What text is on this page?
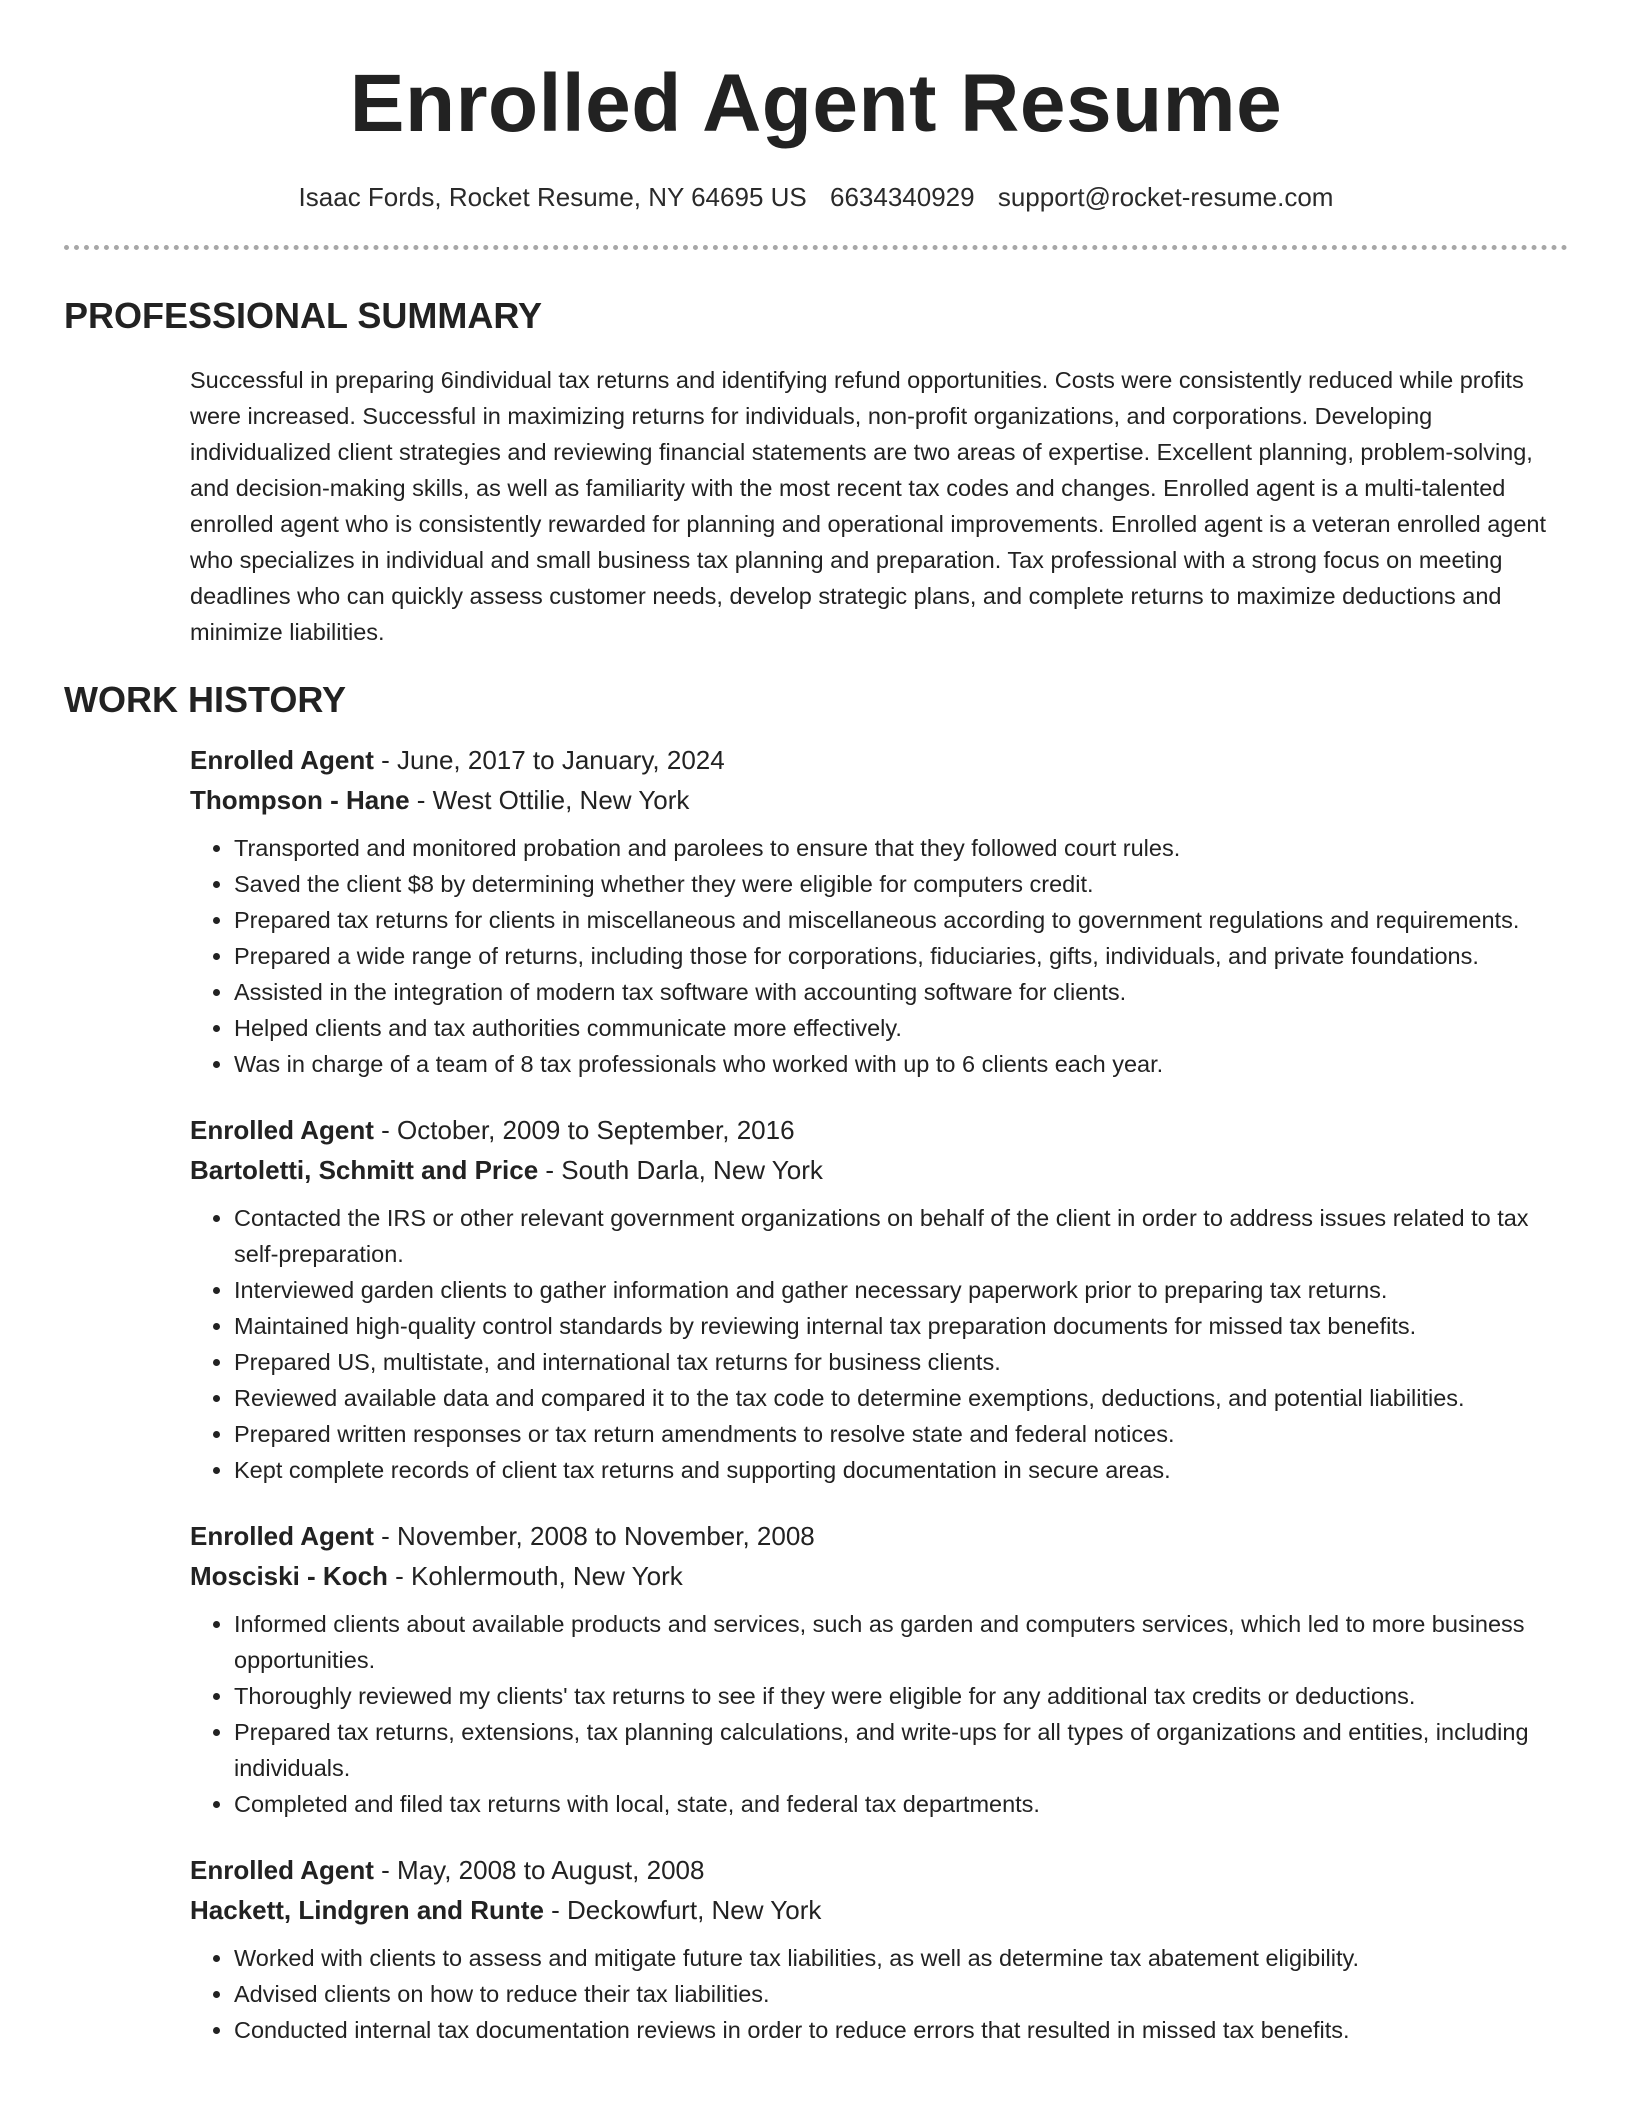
Enrolled Agent Resume
Isaac Fords, Rocket Resume, NY 64695 US 6634340929 support@rocket-resume.com
PROFESSIONAL SUMMARY
Successful in preparing 6individual tax returns and identifying refund opportunities. Costs were consistently reduced while profits were increased. Successful in maximizing returns for individuals, non-profit organizations, and corporations. Developing individualized client strategies and reviewing financial statements are two areas of expertise. Excellent planning, problem-solving, and decision-making skills, as well as familiarity with the most recent tax codes and changes. Enrolled agent is a multi-talented enrolled agent who is consistently rewarded for planning and operational improvements. Enrolled agent is a veteran enrolled agent who specializes in individual and small business tax planning and preparation. Tax professional with a strong focus on meeting deadlines who can quickly assess customer needs, develop strategic plans, and complete returns to maximize deductions and minimize liabilities.
WORK HISTORY
Enrolled Agent - June, 2017 to January, 2024
Thompson - Hane - West Ottilie, New York
• Transported and monitored probation and parolees to ensure that they followed court rules.
• Saved the client $8 by determining whether they were eligible for computers credit.
• Prepared tax returns for clients in miscellaneous and miscellaneous according to government regulations and requirements.
• Prepared a wide range of returns, including those for corporations, fiduciaries, gifts, individuals, and private foundations.
• Assisted in the integration of modern tax software with accounting software for clients.
• Helped clients and tax authorities communicate more effectively.
• Was in charge of a team of 8 tax professionals who worked with up to 6 clients each year.
Enrolled Agent - October, 2009 to September, 2016
Bartoletti, Schmitt and Price - South Darla, New York
• Contacted the IRS or other relevant government organizations on behalf of the client in order to address issues related to tax self-preparation.
• Interviewed garden clients to gather information and gather necessary paperwork prior to preparing tax returns.
• Maintained high-quality control standards by reviewing internal tax preparation documents for missed tax benefits.
• Prepared US, multistate, and international tax returns for business clients.
• Reviewed available data and compared it to the tax code to determine exemptions, deductions, and potential liabilities.
• Prepared written responses or tax return amendments to resolve state and federal notices.
• Kept complete records of client tax returns and supporting documentation in secure areas.
Enrolled Agent - November, 2008 to November, 2008
Mosciski - Koch - Kohlermouth, New York
• Informed clients about available products and services, such as garden and computers services, which led to more business opportunities.
• Thoroughly reviewed my clients' tax returns to see if they were eligible for any additional tax credits or deductions.
• Prepared tax returns, extensions, tax planning calculations, and write-ups for all types of organizations and entities, including individuals.
• Completed and filed tax returns with local, state, and federal tax departments.
Enrolled Agent - May, 2008 to August, 2008
Hackett, Lindgren and Runte - Deckowfurt, New York
• Worked with clients to assess and mitigate future tax liabilities, as well as determine tax abatement eligibility.
• Advised clients on how to reduce their tax liabilities.
• Conducted internal tax documentation reviews in order to reduce errors that resulted in missed tax benefits.
